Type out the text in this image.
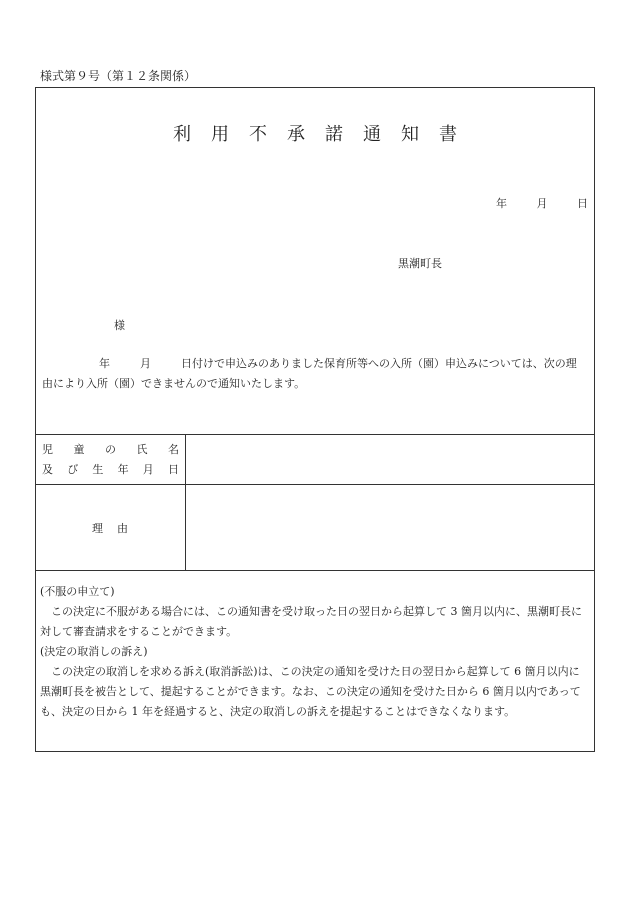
様式第９号（第１２条関係）
利用不承諾通知書
年	月	日
黒潮町長
様
年	月	日付けで申込みのありました保育所等への入所（園）申込みについては、次の理由により入所（園）できませんので通知いたします。
児 童 の 氏 名
及 び 生 年 月 日
理由

(不服の申立て)

この決定に不服がある場合には、この通知書を受け取った日の翌日から起算して 3 箇月以内に、黒潮町長に対して審査請求をすることができます。

(決定の取消しの訴え)

この決定の取消しを求める訴え(取消訴訟)は、この決定の通知を受けた日の翌日から起算して 6 箇月以内に黒潮町長を被告として、提起することができます。なお、この決定の通知を受けた日から 6 箇月以内であっても、決定の日から 1 年を経過すると、決定の取消しの訴えを提起することはできなくなります。
